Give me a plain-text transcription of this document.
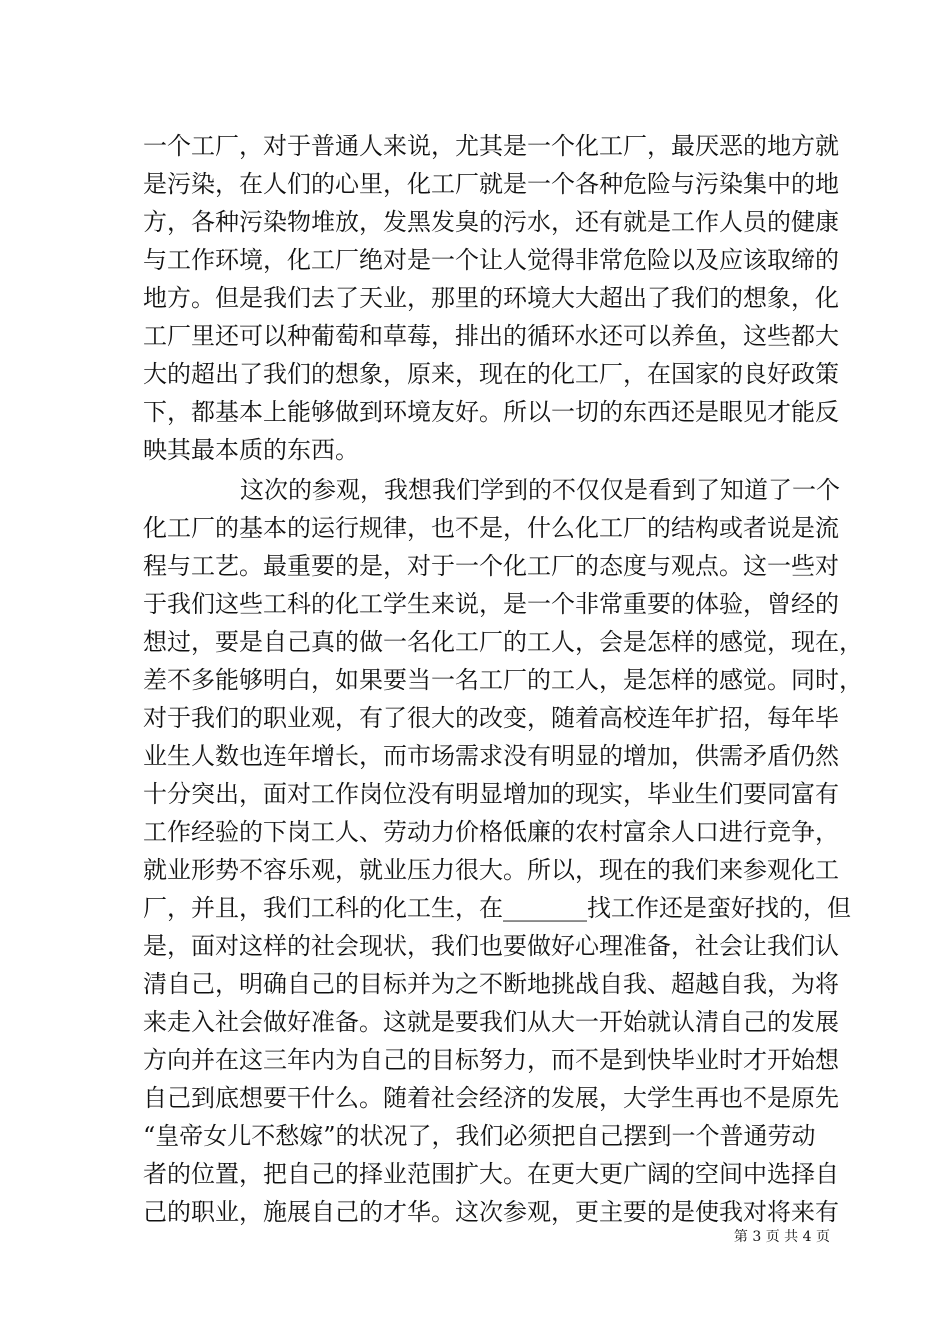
一个工厂，对于普通人来说，尤其是一个化工厂，最厌恶的地方就
是污染，在人们的心里，化工厂就是一个各种危险与污染集中的地
方，各种污染物堆放，发黑发臭的污水，还有就是工作人员的健康
与工作环境，化工厂绝对是一个让人觉得非常危险以及应该取缔的
地方。但是我们去了天业，那里的环境大大超出了我们的想象，化
工厂里还可以种葡萄和草莓，排出的循环水还可以养鱼，这些都大
大的超出了我们的想象，原来，现在的化工厂，在国家的良好政策
下，都基本上能够做到环境友好。所以一切的东西还是眼见才能反
映其最本质的东西。
这次的参观，我想我们学到的不仅仅是看到了知道了一个
化工厂的基本的运行规律，也不是，什么化工厂的结构或者说是流
程与工艺。最重要的是，对于一个化工厂的态度与观点。这一些对
于我们这些工科的化工学生来说，是一个非常重要的体验，曾经的
想过，要是自己真的做一名化工厂的工人，会是怎样的感觉，现在，
差不多能够明白，如果要当一名工厂的工人，是怎样的感觉。同时，
对于我们的职业观，有了很大的改变，随着高校连年扩招，每年毕
业生人数也连年增长，而市场需求没有明显的增加，供需矛盾仍然
十分突出，面对工作岗位没有明显增加的现实，毕业生们要同富有
工作经验的下岗工人、劳动力价格低廉的农村富余人口进行竞争，
就业形势不容乐观，就业压力很大。所以，现在的我们来参观化工
厂，并且，我们工科的化工生，在_______找工作还是蛮好找的，但
是，面对这样的社会现状，我们也要做好心理准备，社会让我们认
清自己，明确自己的目标并为之不断地挑战自我、超越自我，为将
来走入社会做好准备。这就是要我们从大一开始就认清自己的发展
方向并在这三年内为自己的目标努力，而不是到快毕业时才开始想
自己到底想要干什么。随着社会经济的发展，大学生再也不是原先
“皇帝女儿不愁嫁”的状况了，我们必须把自己摆到一个普通劳动
者的位置，把自己的择业范围扩大。在更大更广阔的空间中选择自
己的职业，施展自己的才华。这次参观，更主要的是使我对将来有
第 3 页 共 4 页
